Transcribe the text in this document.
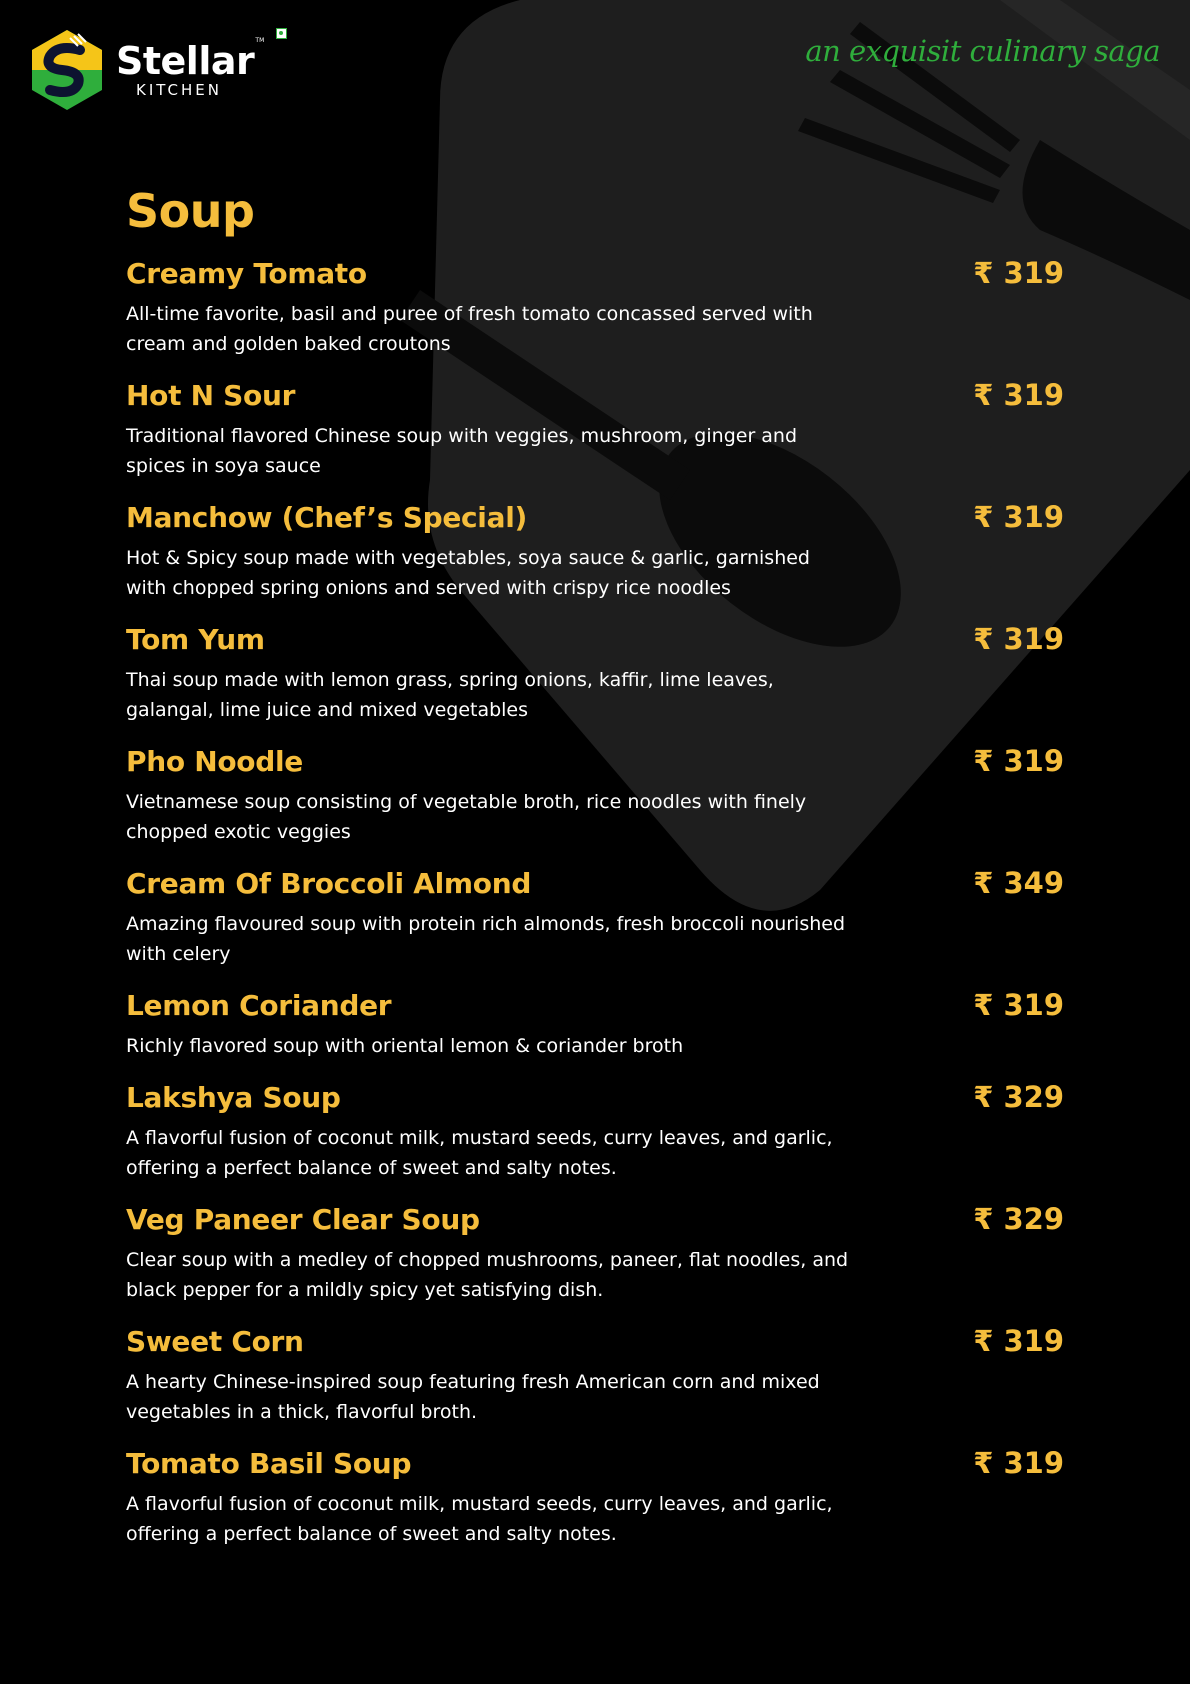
Stellar TM
KITCHEN
an exquisit culinary saga
Soup
Creamy Tomato	₹ 319
All-time favorite, basil and puree of fresh tomato concassed served with cream and golden baked croutons
Hot N Sour	₹ 319
Traditional flavored Chinese soup with veggies, mushroom, ginger and spices in soya sauce
Manchow (Chef’s Special)	₹ 319
Hot & Spicy soup made with vegetables, soya sauce & garlic, garnished with chopped spring onions and served with crispy rice noodles
Tom Yum	₹ 319
Thai soup made with lemon grass, spring onions, kaffir, lime leaves, galangal, lime juice and mixed vegetables
Pho Noodle	₹ 319
Vietnamese soup consisting of vegetable broth, rice noodles with finely chopped exotic veggies
Cream Of Broccoli Almond	₹ 349
Amazing flavoured soup with protein rich almonds, fresh broccoli nourished with celery
Lemon Coriander	₹ 319
Richly flavored soup with oriental lemon & coriander broth
Lakshya Soup	₹ 329
A flavorful fusion of coconut milk, mustard seeds, curry leaves, and garlic, offering a perfect balance of sweet and salty notes.
Veg Paneer Clear Soup	₹ 329
Clear soup with a medley of chopped mushrooms, paneer, flat noodles, and black pepper for a mildly spicy yet satisfying dish.
Sweet Corn	₹ 319
A hearty Chinese-inspired soup featuring fresh American corn and mixed vegetables in a thick, flavorful broth.
Tomato Basil Soup	₹ 319
A flavorful fusion of coconut milk, mustard seeds, curry leaves, and garlic, offering a perfect balance of sweet and salty notes.
